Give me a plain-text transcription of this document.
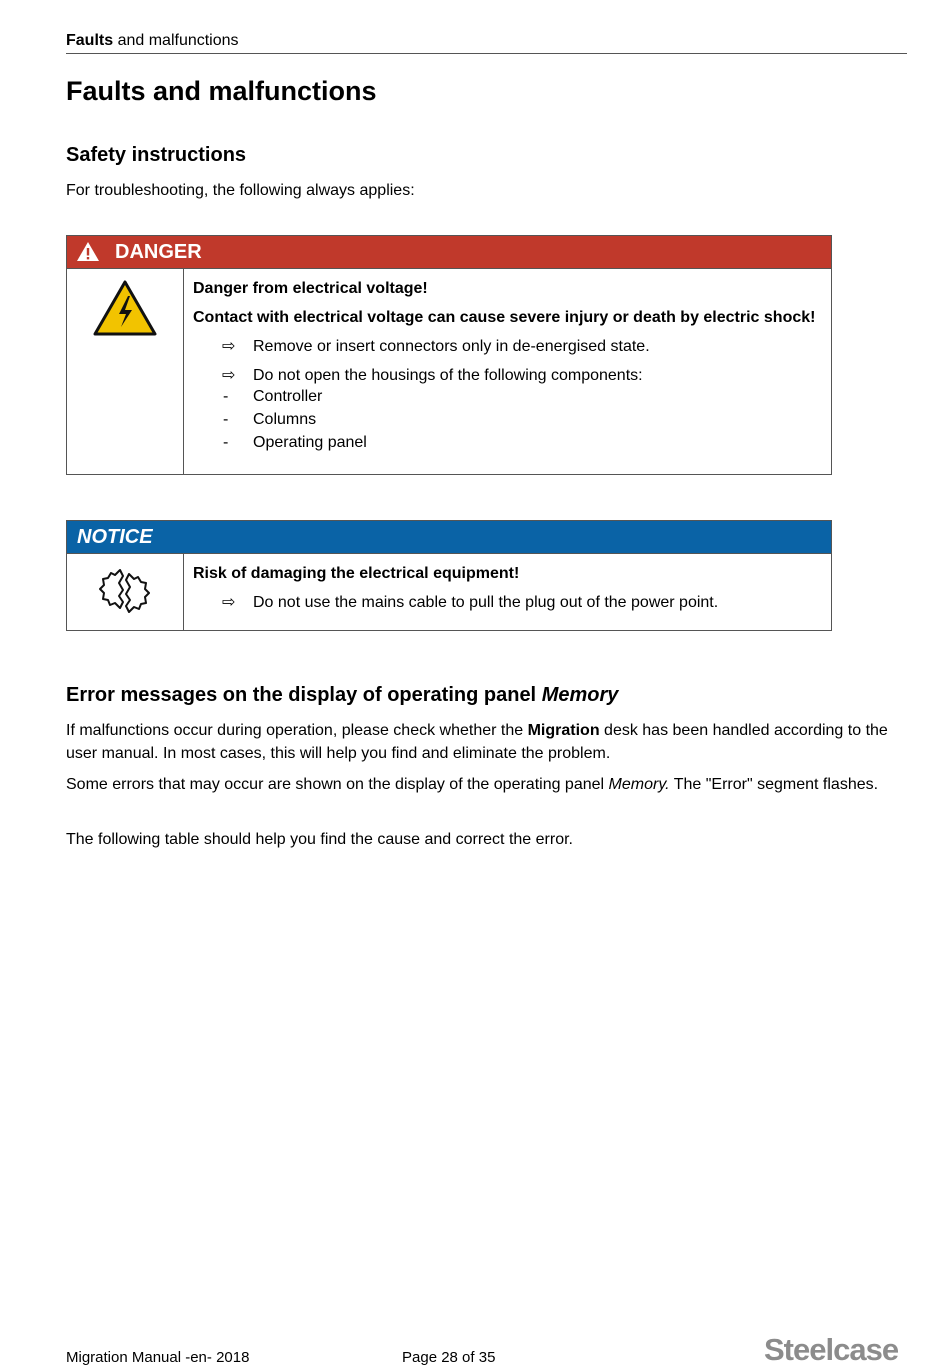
Faults and malfunctions
Faults and malfunctions
Safety instructions
For troubleshooting, the following always applies:
DANGER
Danger from electrical voltage!
Contact with electrical voltage can cause severe injury or death by electric shock!
⇨	Remove or insert connectors only in de-energised state.
⇨	Do not open the housings of the following components:
-	Controller
-	Columns
-	Operating panel
NOTICE
Risk of damaging the electrical equipment!
⇨	Do not use the mains cable to pull the plug out of the power point.
Error messages on the display of operating panel Memory
If malfunctions occur during operation, please check whether the Migration desk has been handled according to the user manual. In most cases, this will help you find and eliminate the problem.
Some errors that may occur are shown on the display of the operating panel Memory. The "Error" segment flashes.
The following table should help you find the cause and correct the error.
Migration Manual -en- 2018	Page 28 of 35	Steelcase
